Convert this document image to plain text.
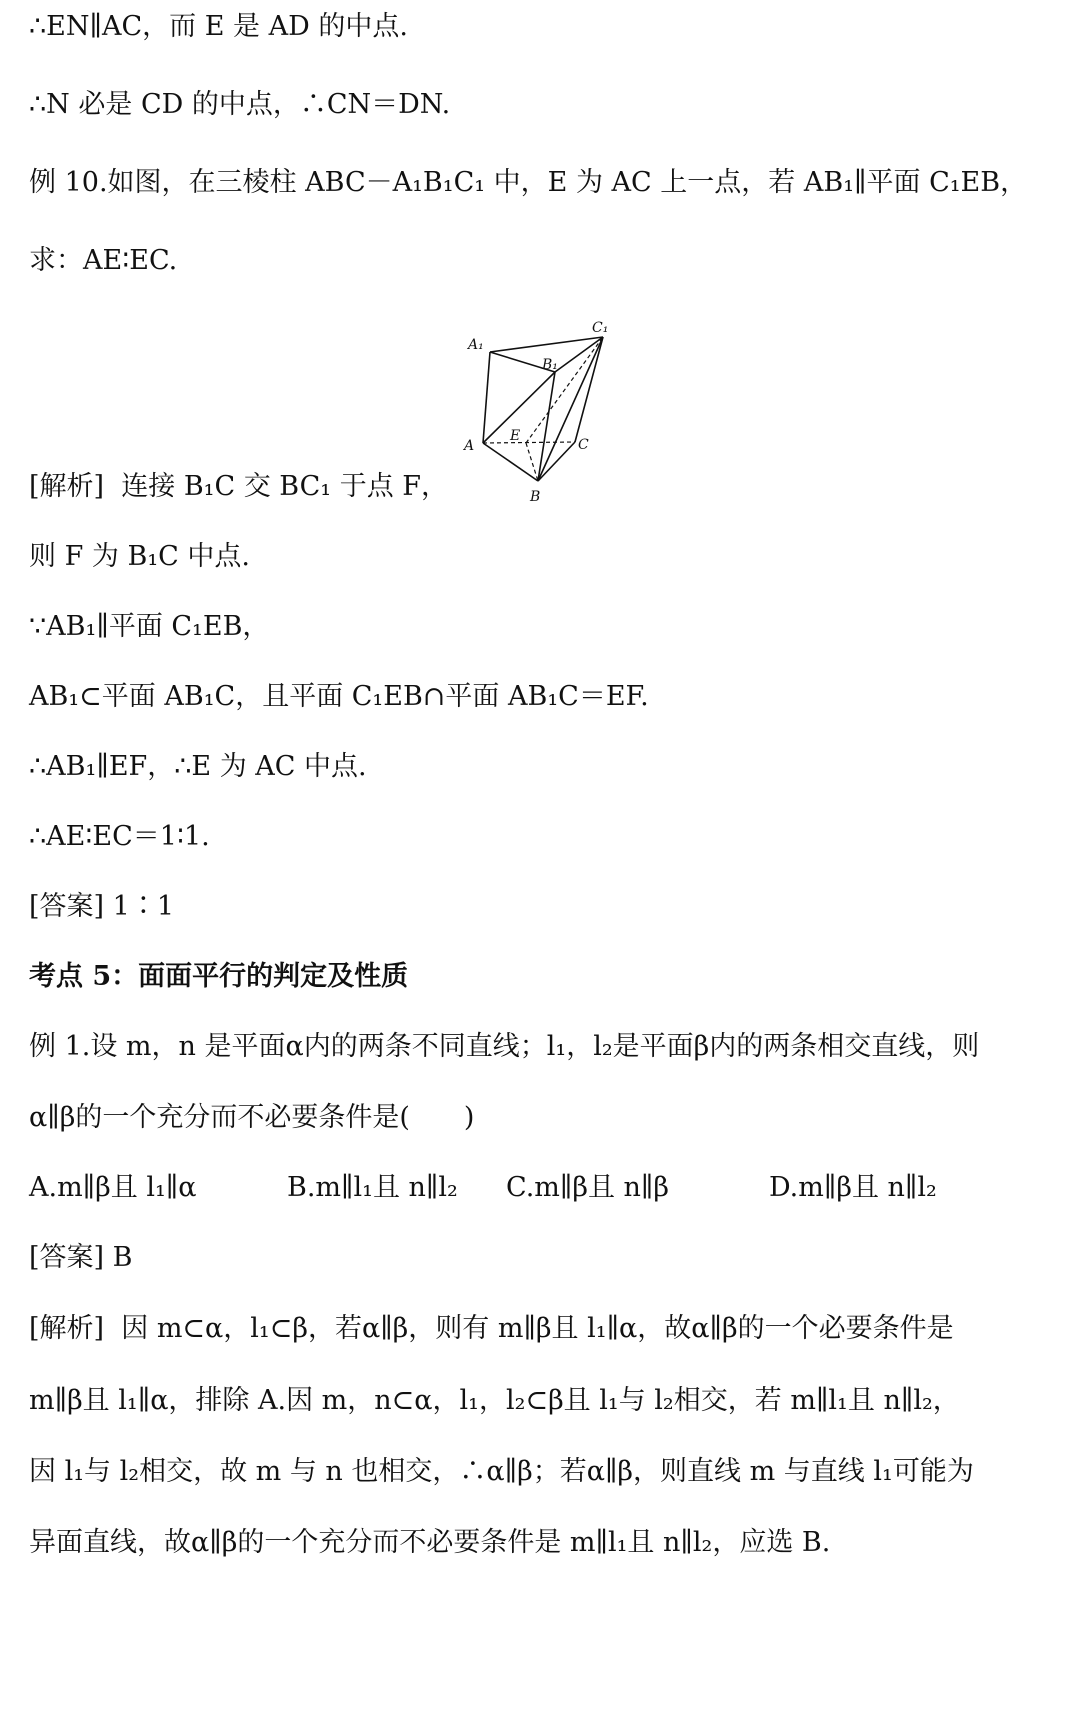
∴EN∥AC，而 E 是 AD 的中点.
∴N 必是 CD 的中点，∴CN＝DN.
例 10.如图，在三棱柱 ABC－A₁B₁C₁ 中，E 为 AC 上一点，若 AB₁∥平面 C₁EB，
求：AE∶EC.
A₁
B₁
C₁
A	C
B
E
[解析]  连接 B₁C 交 BC₁ 于点 F，
则 F 为 B₁C 中点.
∵AB₁∥平面 C₁EB，
AB₁⊂平面 AB₁C，且平面 C₁EB∩平面 AB₁C＝EF.
∴AB₁∥EF，∴E 为 AC 中点.
∴AE∶EC＝1∶1.
[答案] 1∶1
考点 5：面面平行的判定及性质
例 1.设 m，n 是平面α内的两条不同直线；l₁，l₂是平面β内的两条相交直线，则
α∥β的一个充分而不必要条件是(　　)
A.m∥β且 l₁∥α	B.m∥l₁且 n∥l₂ C.m∥β且 n∥β	D.m∥β且 n∥l₂
[答案] B
[解析]  因 m⊂α，l₁⊂β，若α∥β，则有 m∥β且 l₁∥α，故α∥β的一个必要条件是
m∥β且 l₁∥α，排除 A.因 m，n⊂α，l₁，l₂⊂β且 l₁与 l₂相交，若 m∥l₁且 n∥l₂，
因 l₁与 l₂相交，故 m 与 n 也相交，∴α∥β；若α∥β，则直线 m 与直线 l₁可能为
异面直线，故α∥β的一个充分而不必要条件是 m∥l₁且 n∥l₂，应选 B.
